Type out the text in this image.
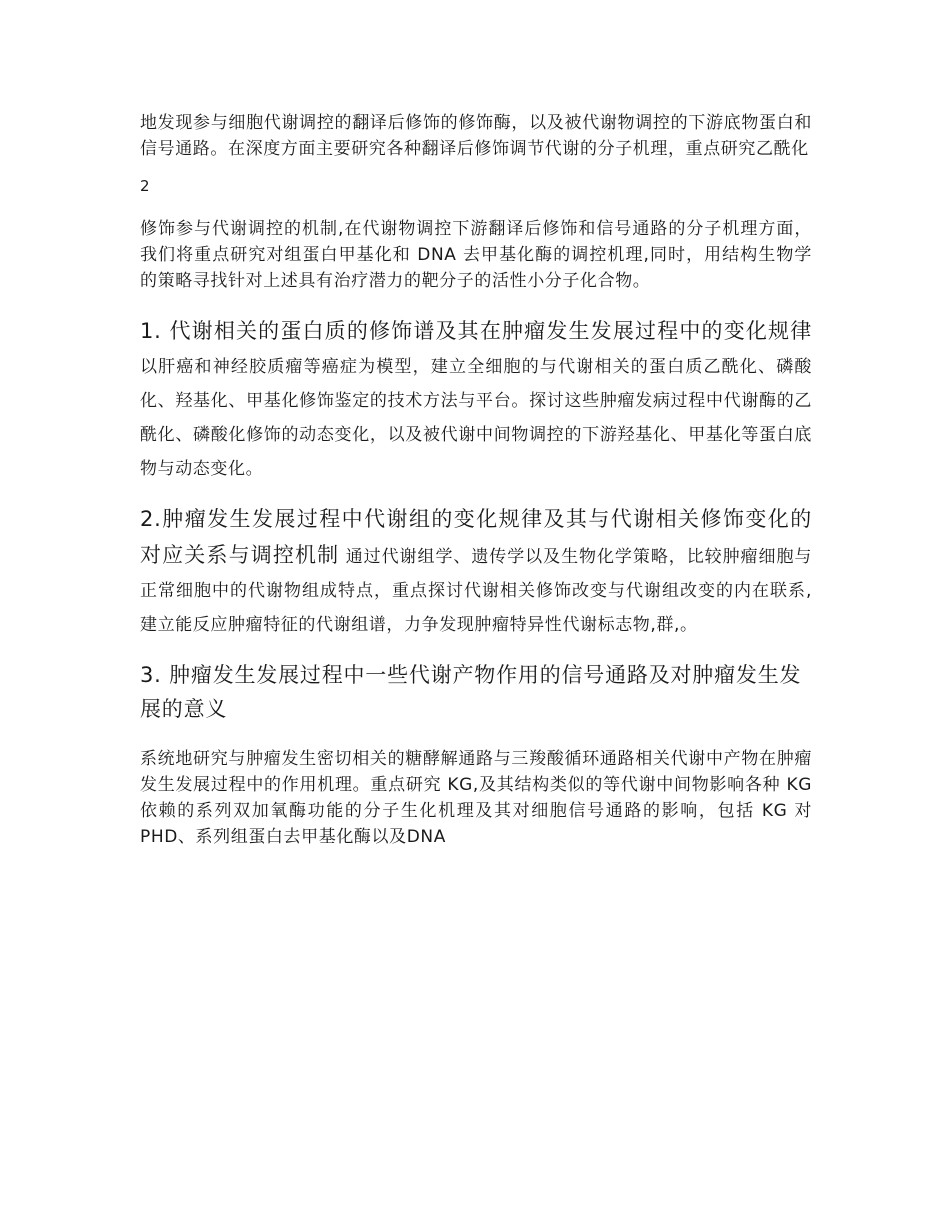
地发现参与细胞代谢调控的翻译后修饰的修饰酶，以及被代谢物调控的下游底物蛋白和信号通路。在深度方面主要研究各种翻译后修饰调节代谢的分子机理，重点研究乙酰化

2

修饰参与代谢调控的机制,在代谢物调控下游翻译后修饰和信号通路的分子机理方面，我们将重点研究对组蛋白甲基化和 DNA 去甲基化酶的调控机理,同时，用结构生物学的策略寻找针对上述具有治疗潜力的靶分子的活性小分子化合物。

1. 代谢相关的蛋白质的修饰谱及其在肿瘤发生发展过程中的变化规律 以肝癌和神经胶质瘤等癌症为模型，建立全细胞的与代谢相关的蛋白质乙酰化、磷酸化、羟基化、甲基化修饰鉴定的技术方法与平台。探讨这些肿瘤发病过程中代谢酶的乙酰化、磷酸化修饰的动态变化，以及被代谢中间物调控的下游羟基化、甲基化等蛋白底物与动态变化。

2.肿瘤发生发展过程中代谢组的变化规律及其与代谢相关修饰变化的对应关系与调控机制 通过代谢组学、遗传学以及生物化学策略，比较肿瘤细胞与正常细胞中的代谢物组成特点，重点探讨代谢相关修饰改变与代谢组改变的内在联系,建立能反应肿瘤特征的代谢组谱，力争发现肿瘤特异性代谢标志物,群,。

3. 肿瘤发生发展过程中一些代谢产物作用的信号通路及对肿瘤发生发展的意义

系统地研究与肿瘤发生密切相关的糖酵解通路与三羧酸循环通路相关代谢中产物在肿瘤发生发展过程中的作用机理。重点研究 KG,及其结构类似的等代谢中间物影响各种 KG 依赖的系列双加氧酶功能的分子生化机理及其对细胞信号通路的影响，包括 KG 对 PHD、系列组蛋白去甲基化酶以及DNA
